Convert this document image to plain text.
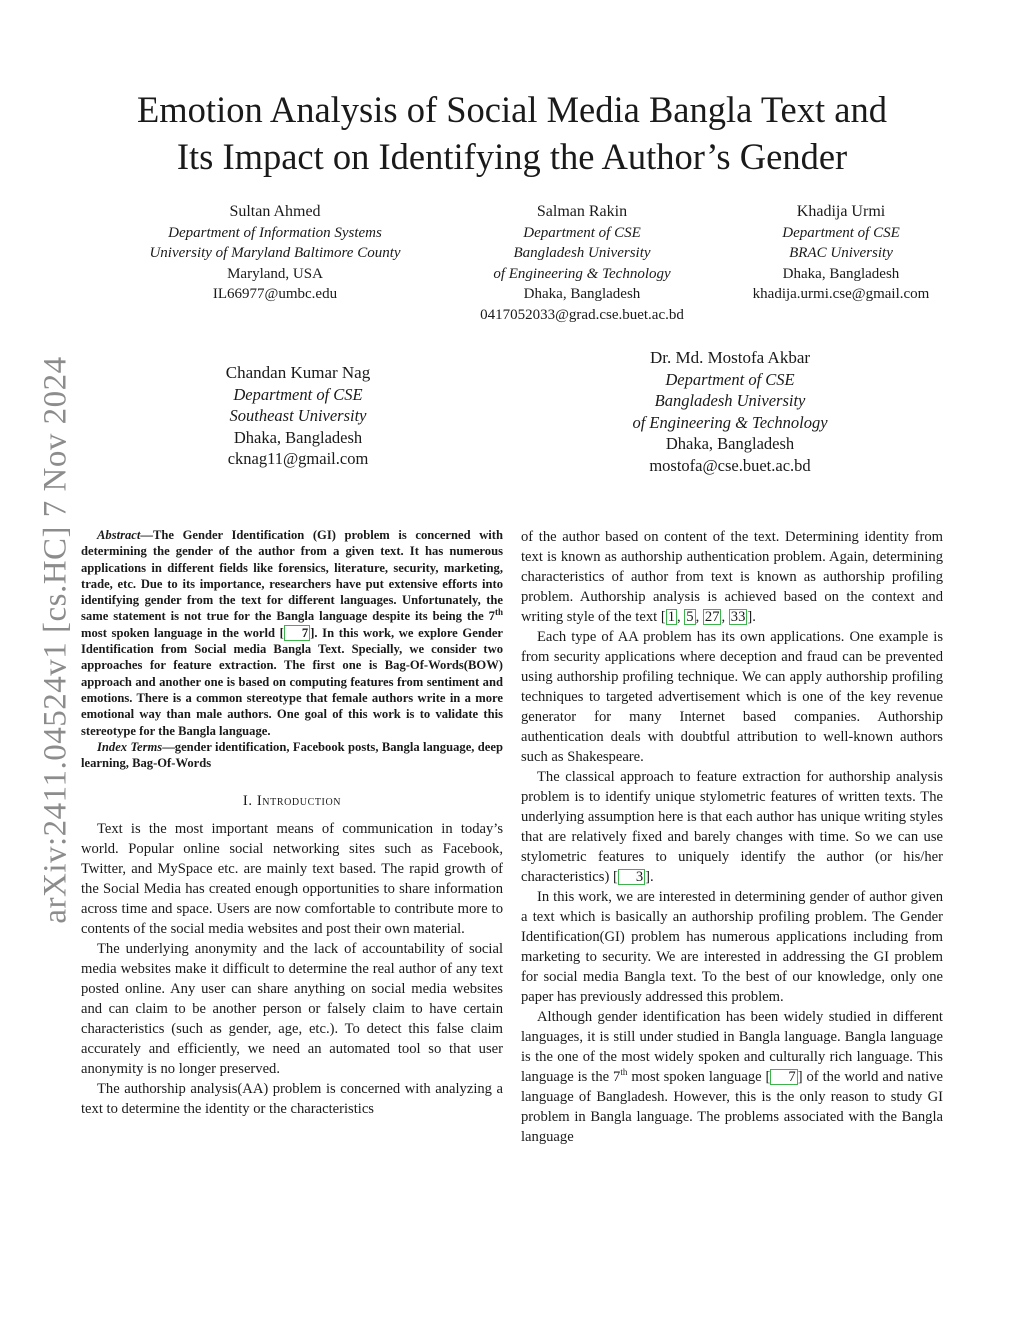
arXiv:2411.04524v1 [cs.HC] 7 Nov 2024
Emotion Analysis of Social Media Bangla Text and
Its Impact on Identifying the Author’s Gender
Sultan Ahmed
Department of Information Systems
University of Maryland Baltimore County
Maryland, USA
IL66977@umbc.edu
Salman Rakin
Department of CSE
Bangladesh University
of Engineering & Technology
Dhaka, Bangladesh
0417052033@grad.cse.buet.ac.bd
Khadija Urmi
Department of CSE
BRAC University
Dhaka, Bangladesh
khadija.urmi.cse@gmail.com
Chandan Kumar Nag
Department of CSE
Southeast University
Dhaka, Bangladesh
cknag11@gmail.com
Dr. Md. Mostofa Akbar
Department of CSE
Bangladesh University
of Engineering & Technology
Dhaka, Bangladesh
mostofa@cse.buet.ac.bd

Abstract—The Gender Identification (GI) problem is concerned with determining the gender of the author from a given text. It has numerous applications in different fields like forensics, literature, security, marketing, trade, etc. Due to its importance, researchers have put extensive efforts into identifying gender from the text for different languages. Unfortunately, the same statement is not true for the Bangla language despite its being the 7th most spoken language in the world [ 7 ]. In this work, we explore Gender Identification from Social media Bangla Text. Specially, we consider two approaches for feature extraction. The first one is Bag-Of-Words(BOW) approach and another one is based on computing features from sentiment and emotions. There is a common stereotype that female authors write in a more emotional way than male authors. One goal of this work is to validate this stereotype for the Bangla language.

Index Terms—gender identification, Facebook posts, Bangla language, deep learning, Bag-Of-Words

I. Introduction

Text is the most important means of communication in today’s world. Popular online social networking sites such as Facebook, Twitter, and MySpace etc. are mainly text based. The rapid growth of the Social Media has created enough opportunities to share information across time and space. Users are now comfortable to contribute more to contents of the social media websites and post their own material.

The underlying anonymity and the lack of accountability of social media websites make it difficult to determine the real author of any text posted online. Any user can share anything on social media websites and can claim to be another person or falsely claim to have certain characteristics (such as gender, age, etc.). To detect this false claim accurately and efficiently, we need an automated tool so that user anonymity is no longer preserved.

The authorship analysis(AA) problem is concerned with analyzing a text to determine the identity or the characteristics

of the author based on content of the text. Determining identity from text is known as authorship authentication problem. Again, determining characteristics of author from text is known as authorship profiling problem. Authorship analysis is achieved based on the context and writing style of the text [ 1 , 5 , 27 , 33 ].

Each type of AA problem has its own applications. One example is from security applications where deception and fraud can be prevented using authorship profiling technique. We can apply authorship profiling techniques to targeted advertisement which is one of the key revenue generator for many Internet based companies. Authorship authentication deals with doubtful attribution to well-known authors such as Shakespeare.

The classical approach to feature extraction for authorship analysis problem is to identify unique stylometric features of written texts. The underlying assumption here is that each author has unique writing styles that are relatively fixed and barely changes with time. So we can use stylometric features to uniquely identify the author (or his/her characteristics) [ 3 ].

In this work, we are interested in determining gender of author given a text which is basically an authorship profiling problem. The Gender Identification(GI) problem has numerous applications including from marketing to security. We are interested in addressing the GI problem for social media Bangla text. To the best of our knowledge, only one paper has previously addressed this problem.

Although gender identification has been widely studied in different languages, it is still under studied in Bangla language. Bangla language is the one of the most widely spoken and culturally rich language. This language is the 7th most spoken language [ 7 ] of the world and native language of Bangladesh. However, this is the only reason to study GI problem in Bangla language. The problems associated with the Bangla language
